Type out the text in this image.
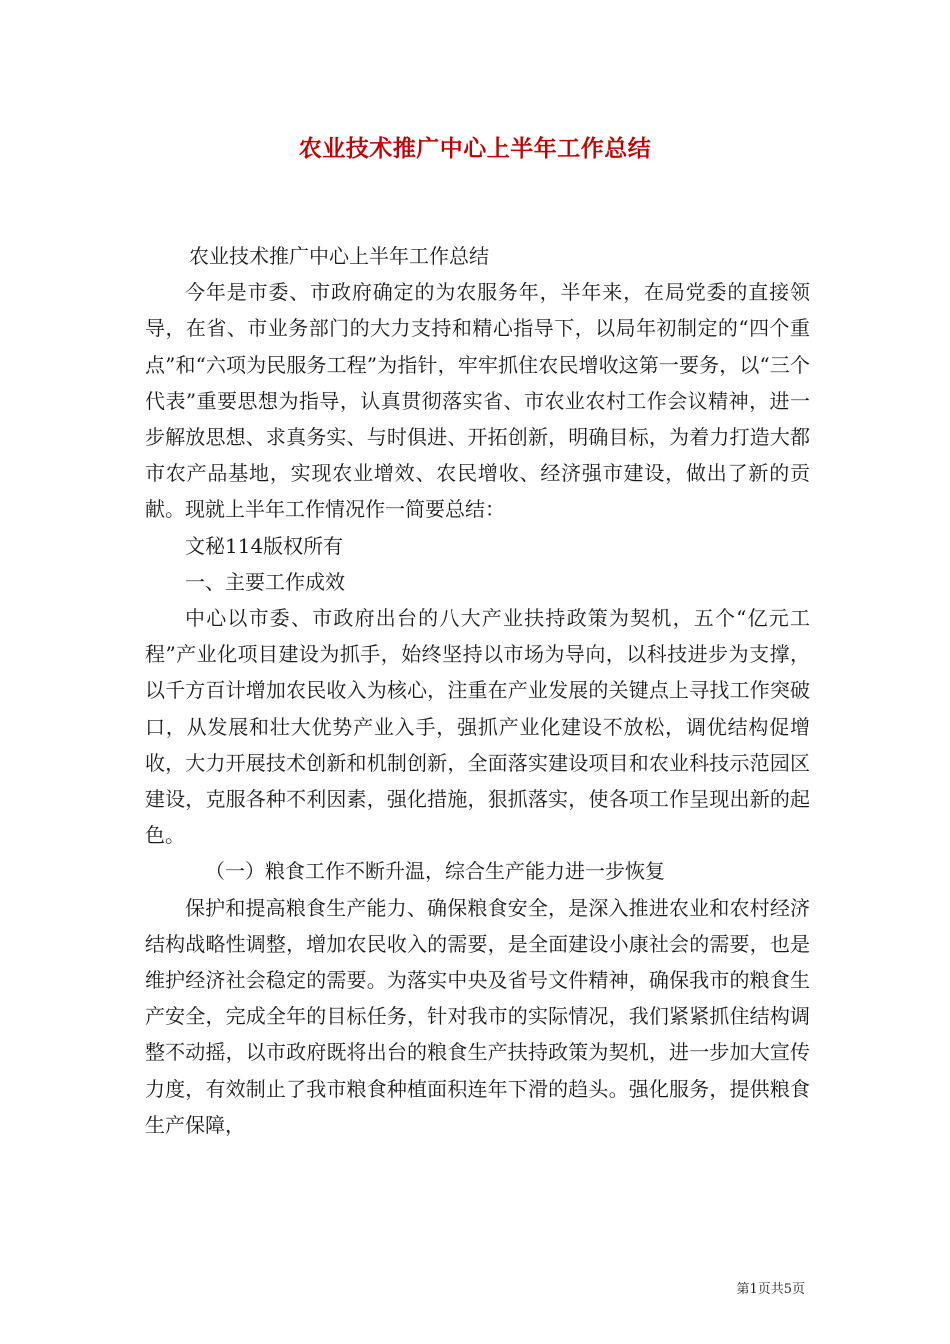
农业技术推广中心上半年工作总结

农业技术推广中心上半年工作总结

今年是市委、市政府确定的为农服务年，半年来，在局党委的直接领导，在省、市业务部门的大力支持和精心指导下，以局年初制定的“四个重点”和“六项为民服务工程”为指针，牢牢抓住农民增收这第一要务，以“三个代表”重要思想为指导，认真贯彻落实省、市农业农村工作会议精神，进一步解放思想、求真务实、与时俱进、开拓创新，明确目标，为着力打造大都市农产品基地，实现农业增效、农民增收、经济强市建设，做出了新的贡献。现就上半年工作情况作一简要总结：

文秘114版权所有

一、主要工作成效

中心以市委、市政府出台的八大产业扶持政策为契机，五个“亿元工程”产业化项目建设为抓手，始终坚持以市场为导向，以科技进步为支撑，以千方百计增加农民收入为核心，注重在产业发展的关键点上寻找工作突破口，从发展和壮大优势产业入手，强抓产业化建设不放松，调优结构促增收，大力开展技术创新和机制创新，全面落实建设项目和农业科技示范园区建设，克服各种不利因素，强化措施，狠抓落实，使各项工作呈现出新的起色。

（一）粮食工作不断升温，综合生产能力进一步恢复

保护和提高粮食生产能力、确保粮食安全，是深入推进农业和农村经济结构战略性调整，增加农民收入的需要，是全面建设小康社会的需要，也是维护经济社会稳定的需要。为落实中央及省号文件精神，确保我市的粮食生产安全，完成全年的目标任务，针对我市的实际情况，我们紧紧抓住结构调整不动摇，以市政府既将出台的粮食生产扶持政策为契机，进一步加大宣传力度，有效制止了我市粮食种植面积连年下滑的趋头。强化服务，提供粮食生产保障，

第1页共5页
